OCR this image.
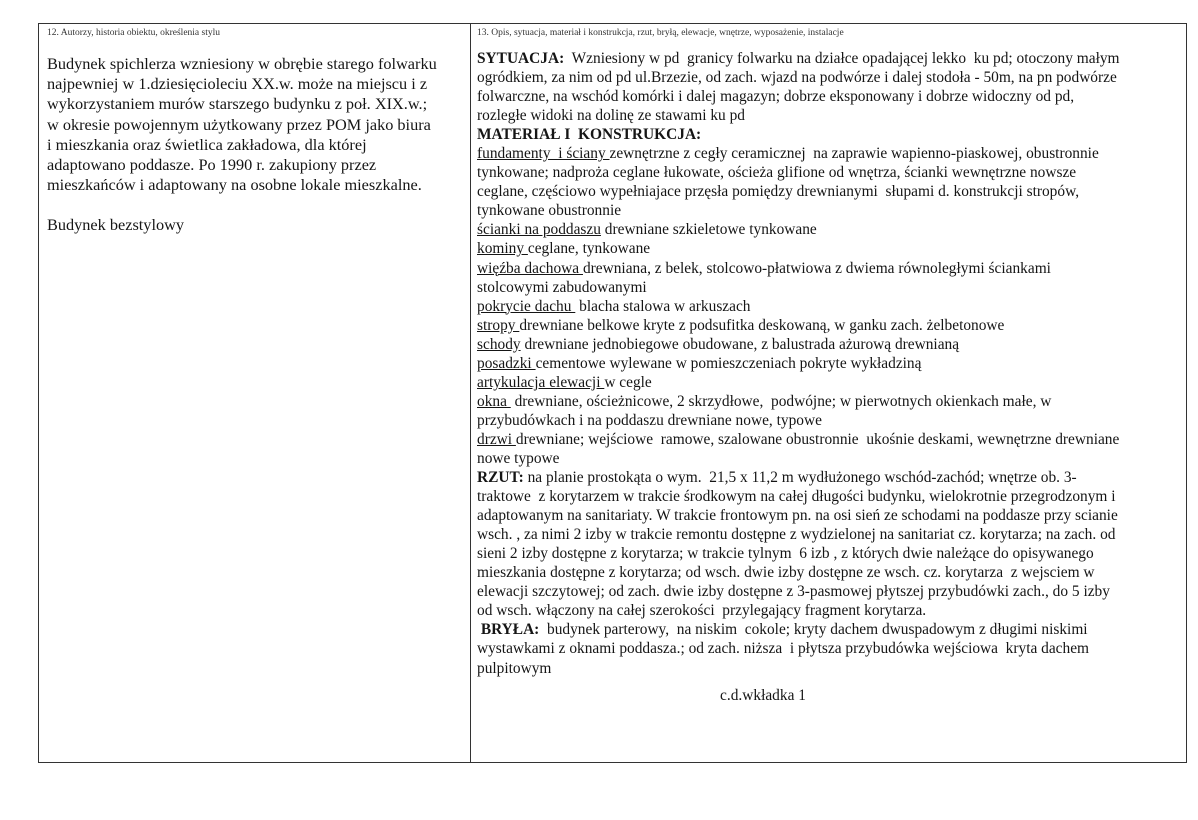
12. Autorzy, historia obiektu, określenia stylu	13. Opis, sytuacja, materiał i konstrukcja, rzut, bryłą, elewacje, wnętrze, wyposażenie, instalacje

Budynek spichlerza wzniesiony w obrębie starego folwarku
najpewniej w 1.dziesięcioleciu XX.w. może na miejscu i z
wykorzystaniem murów starszego budynku z poł. XIX.w.;
w okresie powojennym użytkowany przez POM jako biura
i mieszkania oraz świetlica zakładowa, dla której
adaptowano poddasze. Po 1990 r. zakupiony przez
mieszkańców i adaptowany na osobne lokale mieszkalne.

Budynek bezstylowy

SYTUACJA:  Wzniesiony w pd  granicy folwarku na działce opadającej lekko  ku pd; otoczony małym
ogródkiem, za nim od pd ul.Brzezie, od zach. wjazd na podwórze i dalej stodoła - 50m, na pn podwórze
folwarczne, na wschód komórki i dalej magazyn; dobrze eksponowany i dobrze widoczny od pd,
rozległe widoki na dolinę ze stawami ku pd
MATERIAŁ I  KONSTRUKCJA:
fundamenty  i ściany zewnętrzne z cegły ceramicznej  na zaprawie wapienno-piaskowej, obustronnie
tynkowane; nadproża ceglane łukowate, ościeża glifione od wnętrza, ścianki wewnętrzne nowsze
ceglane, częściowo wypełniajace przęsła pomiędzy drewnianymi  słupami d. konstrukcji stropów,
tynkowane obustronnie
ścianki na poddaszu drewniane szkieletowe tynkowane
kominy ceglane, tynkowane
więźba dachowa drewniana, z belek, stolcowo-płatwiowa z dwiema równoległymi ściankami
stolcowymi zabudowanymi
pokrycie dachu  blacha stalowa w arkuszach
stropy drewniane belkowe kryte z podsufitka deskowaną, w ganku zach. żelbetonowe
schody drewniane jednobiegowe obudowane, z balustrada ażurową drewnianą
posadzki cementowe wylewane w pomieszczeniach pokryte wykładziną
artykulacja elewacji w cegle
okna  drewniane, ościeżnicowe, 2 skrzydłowe,  podwójne; w pierwotnych okienkach małe, w
przybudówkach i na poddaszu drewniane nowe, typowe
drzwi drewniane; wejściowe  ramowe, szalowane obustronnie  ukośnie deskami, wewnętrzne drewniane
nowe typowe
RZUT: na planie prostokąta o wym.  21,5 x 11,2 m wydłużonego wschód-zachód; wnętrze ob. 3-
traktowe  z korytarzem w trakcie środkowym na całej długości budynku, wielokrotnie przegrodzonym i
adaptowanym na sanitariaty. W trakcie frontowym pn. na osi sień ze schodami na poddasze przy scianie
wsch. , za nimi 2 izby w trakcie remontu dostępne z wydzielonej na sanitariat cz. korytarza; na zach. od
sieni 2 izby dostępne z korytarza; w trakcie tylnym  6 izb , z których dwie należące do opisywanego
mieszkania dostępne z korytarza; od wsch. dwie izby dostępne ze wsch. cz. korytarza  z wejsciem w
elewacji szczytowej; od zach. dwie izby dostępne z 3-pasmowej płytszej przybudówki zach., do 5 izby
od wsch. włączony na całej szerokości  przylegający fragment korytarza.
BRYŁA:  budynek parterowy,  na niskim  cokole; kryty dachem dwuspadowym z długimi niskimi
wystawkami z oknami poddasza.; od zach. niższa  i płytsza przybudówka wejściowa  kryta dachem
pulpitowym
c.d.wkładka 1
